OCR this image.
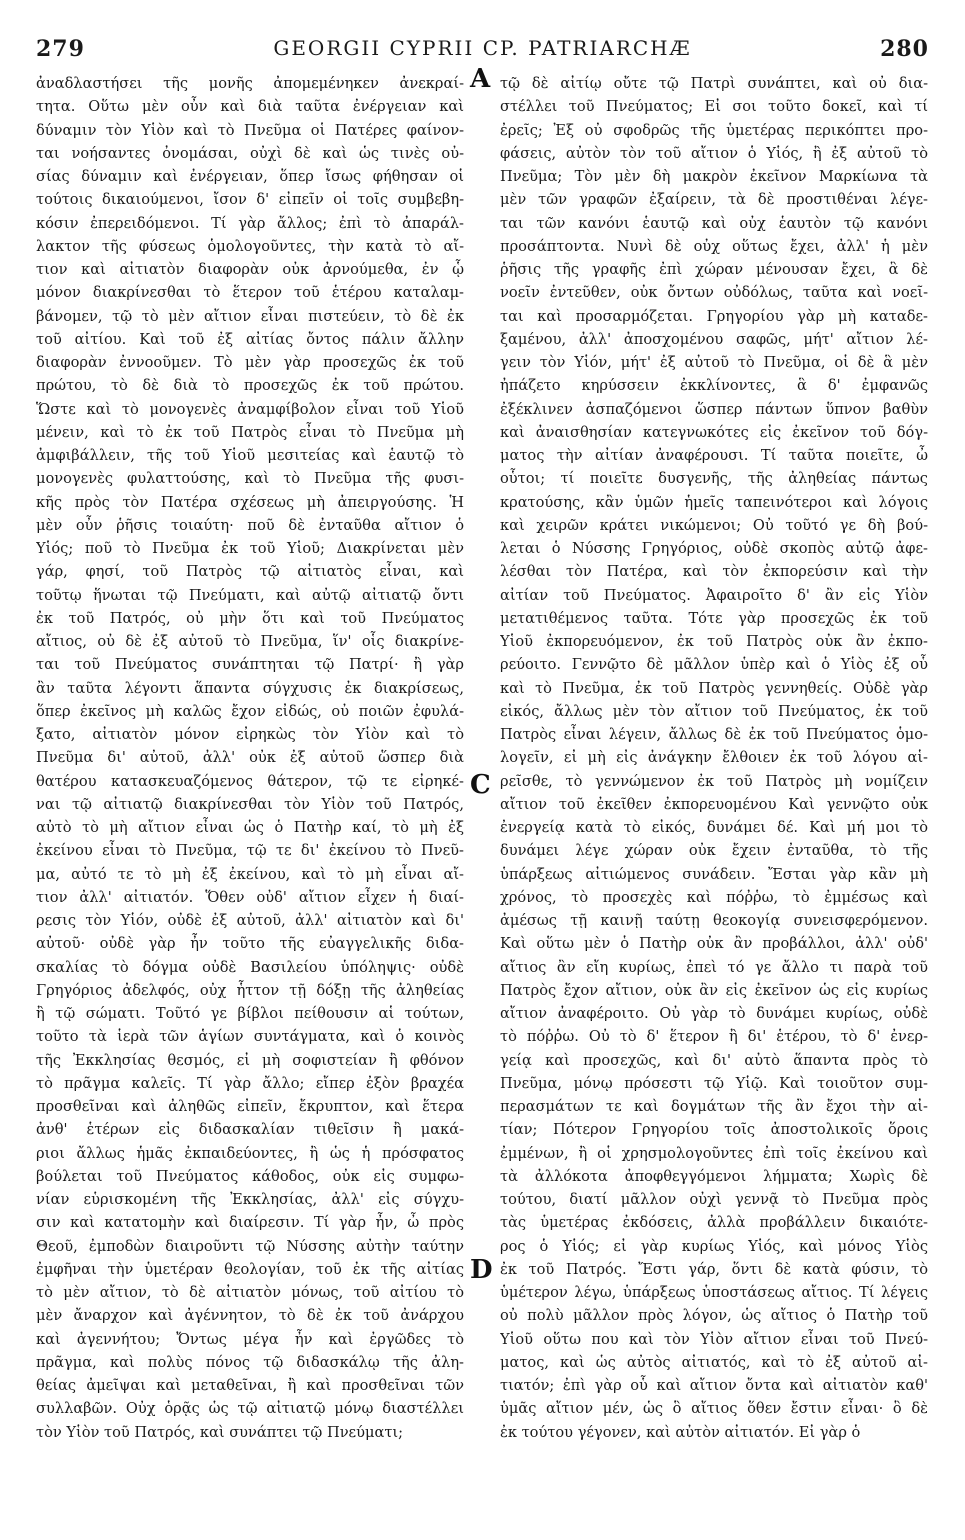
279	GEORGII CYPRII CP. PATRIARCHÆ	280
ἀναδλαστήσει τῆς μονῆς ἀπομεμένηκεν ἀνεκραί-
τητα. Οὕτω μὲν οὖν καὶ διὰ ταῦτα ἐνέργειαν καὶ
δύναμιν τὸν Υἱὸν καὶ τὸ Πνεῦμα οἱ Πατέρες φαίνον-
ται νοήσαντες ὀνομάσαι, οὐχὶ δὲ καὶ ὡς τινὲς οὐ-
σίας δύναμιν καὶ ἐνέργειαν, ὅπερ ἴσως φήθησαν οἱ
τούτοις δικαιούμενοι, ἴσον δ' εἰπεῖν οἱ τοῖς συμβεβη-
κόσιν ἐπερειδόμενοι. Τί γὰρ ἄλλος; ἐπὶ τὸ ἀπαράλ-
λακτον τῆς φύσεως ὁμολογοῦντες, τὴν κατὰ τὸ αἴ-
τιον καὶ αἰτιατὸν διαφορὰν οὐκ ἀρνούμεθα, ἐν ᾧ
μόνον διακρίνεσθαι τὸ ἕτερον τοῦ ἑτέρου καταλαμ-
βάνομεν, τῷ τὸ μὲν αἴτιον εἶναι πιστεύειν, τὸ δὲ ἐκ
τοῦ αἰτίου. Καὶ τοῦ ἐξ αἰτίας ὄντος πάλιν ἄλλην
διαφορὰν ἐννοοῦμεν. Τὸ μὲν γὰρ προσεχῶς ἐκ τοῦ
πρώτου, τὸ δὲ διὰ τὸ προσεχῶς ἐκ τοῦ πρώτου.
Ὥστε καὶ τὸ μονογενὲς ἀναμφίβολον εἶναι τοῦ Υἱοῦ
μένειν, καὶ τὸ ἐκ τοῦ Πατρὸς εἶναι τὸ Πνεῦμα μὴ
ἀμφιβάλλειν, τῆς τοῦ Υἱοῦ μεσιτείας καὶ ἑαυτῷ τὸ
μονογενὲς φυλαττούσης, καὶ τὸ Πνεῦμα τῆς φυσι-
κῆς πρὸς τὸν Πατέρα σχέσεως μὴ ἀπειργούσης. Ἡ
μὲν οὖν ῥῆσις τοιαύτη· ποῦ δὲ ἐνταῦθα αἴτιον ὁ
Υἱός; ποῦ τὸ Πνεῦμα ἐκ τοῦ Υἱοῦ; Διακρίνεται μὲν
γάρ, φησί, τοῦ Πατρὸς τῷ αἰτιατὸς εἶναι, καὶ
τοῦτῳ ἥνωται τῷ Πνεύματι, καὶ αὐτῷ αἰτιατῷ ὄντι
ἐκ τοῦ Πατρός, οὐ μὴν ὅτι καὶ τοῦ Πνεύματος
αἴτιος, οὐ δὲ ἐξ αὐτοῦ τὸ Πνεῦμα, ἵν' οἷς διακρίνε-
ται τοῦ Πνεύματος συνάπτηται τῷ Πατρί· ἢ γὰρ
ἂν ταῦτα λέγοντι ἅπαντα σύγχυσις ἐκ διακρίσεως,
ὅπερ ἐκεῖνος μὴ καλῶς ἔχον εἰδώς, οὐ ποιῶν ἐφυλά-
ξατο, αἰτιατὸν μόνον εἰρηκὼς τὸν Υἱὸν καὶ τὸ
Πνεῦμα δι' αὐτοῦ, ἀλλ' οὐκ ἐξ αὐτοῦ ὥσπερ διὰ
θατέρου κατασκευαζόμενος θάτερον, τῷ τε εἰρηκέ-
ναι τῷ αἰτιατῷ διακρίνεσθαι τὸν Υἱὸν τοῦ Πατρός,
αὐτὸ τὸ μὴ αἴτιον εἶναι ὡς ὁ Πατὴρ καί, τὸ μὴ ἐξ
ἐκείνου εἶναι τὸ Πνεῦμα, τῷ τε δι' ἐκείνου τὸ Πνεῦ-
μα, αὐτό τε τὸ μὴ ἐξ ἐκείνου, καὶ τὸ μὴ εἶναι αἴ-
τιον ἀλλ' αἰτιατόν. Ὅθεν οὐδ' αἴτιον εἶχεν ἡ διαί-
ρεσις τὸν Υἱόν, οὐδὲ ἐξ αὐτοῦ, ἀλλ' αἰτιατὸν καὶ δι'
αὐτοῦ· οὐδὲ γὰρ ἦν τοῦτο τῆς εὐαγγελικῆς διδα-
σκαλίας τὸ δόγμα οὐδὲ Βασιλείου ὑπόληψις· οὐδὲ
Γρηγόριος ἀδελφός, οὐχ ἧττον τῇ δόξῃ τῆς ἀληθείας
ἢ τῷ σώματι. Τοῦτό γε βίβλοι πείθουσιν αἱ τούτων,
τοῦτο τὰ ἱερὰ τῶν ἁγίων συντάγματα, καὶ ὁ κοινὸς
τῆς Ἐκκλησίας θεσμός, εἰ μὴ σοφιστείαν ἢ φθόνον
τὸ πρᾶγμα καλεῖς. Τί γὰρ ἄλλο; εἴπερ ἐξὸν βραχέα
προσθεῖναι καὶ ἀληθῶς εἰπεῖν, ἔκρυπτον, καὶ ἕτερα
ἀνθ' ἑτέρων εἰς διδασκαλίαν τιθεῖσιν ἢ μακά-
ριοι ἄλλως ἡμᾶς ἐκπαιδεύοντες, ἢ ὡς ἡ πρόσφατος
βούλεται τοῦ Πνεύματος κάθοδος, οὐκ εἰς συμφω-
νίαν εὑρισκομένη τῆς Ἐκκλησίας, ἀλλ' εἰς σύγχυ-
σιν καὶ κατατομὴν καὶ διαίρεσιν. Τί γὰρ ἦν, ὦ πρὸς
Θεοῦ, ἐμποδὼν διαιροῦντι τῷ Νύσσης αὐτὴν ταύτην
ἐμφῆναι τὴν ὑμετέραν θεολογίαν, τοῦ ἐκ τῆς αἰτίας
τὸ μὲν αἴτιον, τὸ δὲ αἰτιατὸν μόνως, τοῦ αἰτίου τὸ
μὲν ἄναρχον καὶ ἀγέννητον, τὸ δὲ ἐκ τοῦ ἀνάρχου
καὶ ἀγεννήτου; Ὄντως μέγα ἦν καὶ ἐργῶδες τὸ
πρᾶγμα, καὶ πολὺς πόνος τῷ διδασκάλῳ τῆς ἀλη-
θείας ἀμεῖψαι καὶ μεταθεῖναι, ἢ καὶ προσθεῖναι τῶν
συλλαβῶν. Οὐχ ὁρᾷς ὡς τῷ αἰτιατῷ μόνῳ διαστέλλει
τὸν Υἱὸν τοῦ Πατρός, καὶ συνάπτει τῷ Πνεύματι;
τῷ δὲ αἰτίῳ οὔτε τῷ Πατρὶ συνάπτει, καὶ οὐ δια-
στέλλει τοῦ Πνεύματος; Εἰ σοι τοῦτο δοκεῖ, καὶ τί
ἐρεῖς; Ἐξ οὐ σφοδρῶς τῆς ὑμετέρας περικόπτει προ-
φάσεις, αὐτὸν τὸν τοῦ αἴτιον ὁ Υἱός, ἢ ἐξ αὐτοῦ τὸ
Πνεῦμα; Τὸν μὲν δὴ μακρὸν ἐκεῖνον Μαρκίωνα τὰ
μὲν τῶν γραφῶν ἐξαίρειν, τὰ δὲ προστιθέναι λέγε-
ται τῶν κανόνι ἑαυτῷ καὶ οὐχ ἑαυτὸν τῷ κανόνι
προσάπτοντα. Νυνὶ δὲ οὐχ οὕτως ἔχει, ἀλλ' ἡ μὲν
ῥῆσις τῆς γραφῆς ἐπὶ χώραν μένουσαν ἔχει, ἃ δὲ
νοεῖν ἐντεῦθεν, οὐκ ὄντων οὐδόλως, ταῦτα καὶ νοεῖ-
ται καὶ προσαρμόζεται. Γρηγορίου γὰρ μὴ καταδε-
ξαμένου, ἀλλ' ἀποσχομένου σαφῶς, μήτ' αἴτιον λέ-
γειν τὸν Υἱόν, μήτ' ἐξ αὐτοῦ τὸ Πνεῦμα, οἱ δὲ ἃ μὲν
ἠπάζετο κηρύσσειν ἐκκλίνοντες, ἃ δ' ἐμφανῶς
ἐξέκλινεν ἀσπαζόμενοι ὥσπερ πάντων ὕπνον βαθὺν
καὶ ἀναισθησίαν κατεγνωκότες εἰς ἐκεῖνον τοῦ δόγ-
ματος τὴν αἰτίαν ἀναφέρουσι. Τί ταῦτα ποιεῖτε, ὦ
οὗτοι; τί ποιεῖτε δυσγενῆς, τῆς ἀληθείας πάντως
κρατούσης, κἂν ὑμῶν ἡμεῖς ταπεινότεροι καὶ λόγοις
καὶ χειρῶν κράτει νικώμενοι; Οὐ τοῦτό γε δὴ βού-
λεται ὁ Νύσσης Γρηγόριος, οὐδὲ σκοπὸς αὐτῷ ἀφε-
λέσθαι τὸν Πατέρα, καὶ τὸν ἐκπορεύσιν καὶ τὴν
αἰτίαν τοῦ Πνεύματος. Ἀφαιροῖτο δ' ἂν εἰς Υἱὸν
μετατιθέμενος ταῦτα. Τότε γὰρ προσεχῶς ἐκ τοῦ
Υἱοῦ ἐκπορευόμενον, ἐκ τοῦ Πατρὸς οὐκ ἂν ἐκπο-
ρεύοιτο. Γεννῷτο δὲ μᾶλλον ὑπὲρ καὶ ὁ Υἱὸς ἐξ οὗ
καὶ τὸ Πνεῦμα, ἐκ τοῦ Πατρὸς γεννηθείς. Οὐδὲ γὰρ
εἰκός, ἄλλως μὲν τὸν αἴτιον τοῦ Πνεύματος, ἐκ τοῦ
Πατρὸς εἶναι λέγειν, ἄλλως δὲ ἐκ τοῦ Πνεύματος ὁμο-
λογεῖν, εἰ μὴ εἰς ἀνάγκην ἔλθοιεν ἐκ τοῦ λόγου αἱ-
ρεῖσθε, τὸ γεννώμενον ἐκ τοῦ Πατρὸς μὴ νομίζειν
αἴτιον τοῦ ἐκεῖθεν ἐκπορευομένου Καὶ γεννῷτο οὐκ
ἐνεργείᾳ κατὰ τὸ εἰκός, δυνάμει δέ. Καὶ μή μοι τὸ
δυνάμει λέγε χώραν οὐκ ἔχειν ἐνταῦθα, τὸ τῆς
ὑπάρξεως αἰτιώμενος συνάδειν. Ἔσται γὰρ κἂν μὴ
χρόνος, τὸ προσεχὲς καὶ πόῤῥω, τὸ ἐμμέσως καὶ
ἀμέσως τῇ καινῇ ταύτῃ θεοκογίᾳ συνεισφερόμενον.
Καὶ οὕτω μὲν ὁ Πατὴρ οὐκ ἂν προβάλλοι, ἀλλ' οὐδ'
αἴτιος ἂν εἴη κυρίως, ἐπεὶ τό γε ἄλλο τι παρὰ τοῦ
Πατρὸς ἔχον αἴτιον, οὐκ ἂν εἰς ἐκεῖνον ὡς εἰς κυρίως
αἴτιον ἀναφέροιτο. Οὐ γὰρ τὸ δυνάμει κυρίως, οὐδὲ
τὸ πόῤῥω. Οὐ τὸ δ' ἕτερον ἢ δι' ἑτέρου, τὸ δ' ἐνερ-
γείᾳ καὶ προσεχῶς, καὶ δι' αὐτὸ ἅπαντα πρὸς τὸ
Πνεῦμα, μόνῳ πρόσεστι τῷ Υἱῷ. Καὶ τοιοῦτον συμ-
περασμάτων τε καὶ δογμάτων τῆς ἂν ἔχοι τὴν αἰ-
τίαν; Πότερον Γρηγορίου τοῖς ἀποστολικοῖς ὅροις
ἐμμένων, ἢ οἱ χρησμολογοῦντες ἐπὶ τοῖς ἐκείνου καὶ
τὰ ἀλλόκοτα ἀποφθεγγόμενοι λήμματα; Χωρὶς δὲ
τούτου, διατί μᾶλλον οὐχὶ γεννᾷ τὸ Πνεῦμα πρὸς
τὰς ὑμετέρας ἐκδόσεις, ἀλλὰ προβάλλειν δικαιότε-
ρος ὁ Υἱός; εἰ γὰρ κυρίως Υἱός, καὶ μόνος Υἱὸς
ἐκ τοῦ Πατρός. Ἔστι γάρ, ὅντι δὲ κατὰ φύσιν, τὸ
ὑμέτερον λέγω, ὑπάρξεως ὑποστάσεως αἴτιος. Τί λέγεις
οὐ πολὺ μᾶλλον πρὸς λόγον, ὡς αἴτιος ὁ Πατὴρ τοῦ
Υἱοῦ οὕτω που καὶ τὸν Υἱὸν αἴτιον εἶναι τοῦ Πνεύ-
ματος, καὶ ὡς αὐτὸς αἰτιατός, καὶ τὸ ἐξ αὐτοῦ αἰ-
τιατόν; ἐπὶ γὰρ οὗ καὶ αἴτιον ὄντα καὶ αἰτιατὸν καθ'
ὑμᾶς αἴτιον μέν, ὡς ὃ αἴτιος ὅθεν ἔστιν εἶναι· ὃ δὲ
ἐκ τούτου γέγονεν, καὶ αὐτὸν αἰτιατόν. Εἰ γὰρ ὁ
A
C
D
